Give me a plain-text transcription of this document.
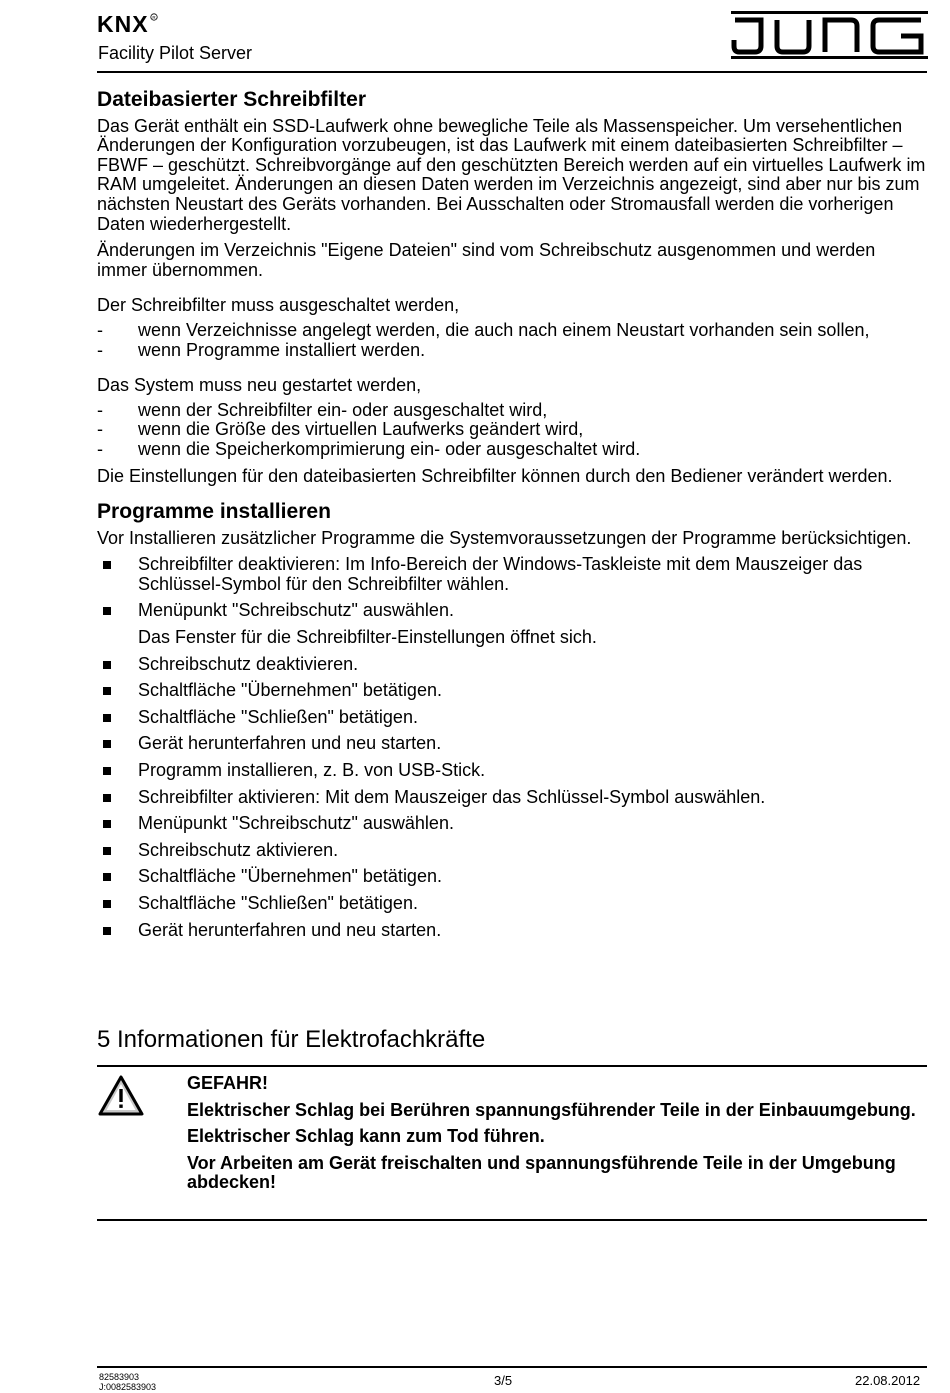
KNX R
Facility Pilot Server
Dateibasierter Schreibfilter

Das Gerät enthält ein SSD-Laufwerk ohne bewegliche Teile als Massenspeicher. Um versehentlichen Änderungen der Konfiguration vorzubeugen, ist das Laufwerk mit einem dateibasierten Schreibfilter – FBWF – geschützt. Schreibvorgänge auf den geschützten Bereich werden auf ein virtuelles Laufwerk im RAM umgeleitet. Änderungen an diesen Daten werden im Verzeichnis angezeigt, sind aber nur bis zum nächsten Neustart des Geräts vorhanden. Bei Ausschalten oder Stromausfall werden die vorherigen Daten wiederhergestellt.

Änderungen im Verzeichnis "Eigene Dateien" sind vom Schreibschutz ausgenommen und werden immer übernommen.

Der Schreibfilter muss ausgeschaltet werden,

- wenn Verzeichnisse angelegt werden, die auch nach einem Neustart vorhanden sein sollen,
- wenn Programme installiert werden.

Das System muss neu gestartet werden,

- wenn der Schreibfilter ein- oder ausgeschaltet wird,
- wenn die Größe des virtuellen Laufwerks geändert wird,
- wenn die Speicherkomprimierung ein- oder ausgeschaltet wird.

Die Einstellungen für den dateibasierten Schreibfilter können durch den Bediener verändert werden.

Programme installieren

Vor Installieren zusätzlicher Programme die Systemvoraussetzungen der Programme berücksichtigen.

Schreibfilter deaktivieren: Im Info-Bereich der Windows-Taskleiste mit dem Mauszeiger das Schlüssel-Symbol für den Schreibfilter wählen.
Menüpunkt "Schreibschutz" auswählen.

Das Fenster für die Schreibfilter-Einstellungen öffnet sich.

Schreibschutz deaktivieren.
Schaltfläche "Übernehmen" betätigen.
Schaltfläche "Schließen" betätigen.
Gerät herunterfahren und neu starten.
Programm installieren, z. B. von USB-Stick.
Schreibfilter aktivieren: Mit dem Mauszeiger das Schlüssel-Symbol auswählen.
Menüpunkt "Schreibschutz" auswählen.
Schreibschutz aktivieren.
Schaltfläche "Übernehmen" betätigen.
Schaltfläche "Schließen" betätigen.
Gerät herunterfahren und neu starten.
5 Informationen für Elektrofachkräfte

GEFAHR!

Elektrischer Schlag bei Berühren spannungsführender Teile in der Einbauumgebung.

Elektrischer Schlag kann zum Tod führen.

Vor Arbeiten am Gerät freischalten und spannungsführende Teile in der Umgebung abdecken!

82583903
J:0082583903	3/5	22.08.2012
